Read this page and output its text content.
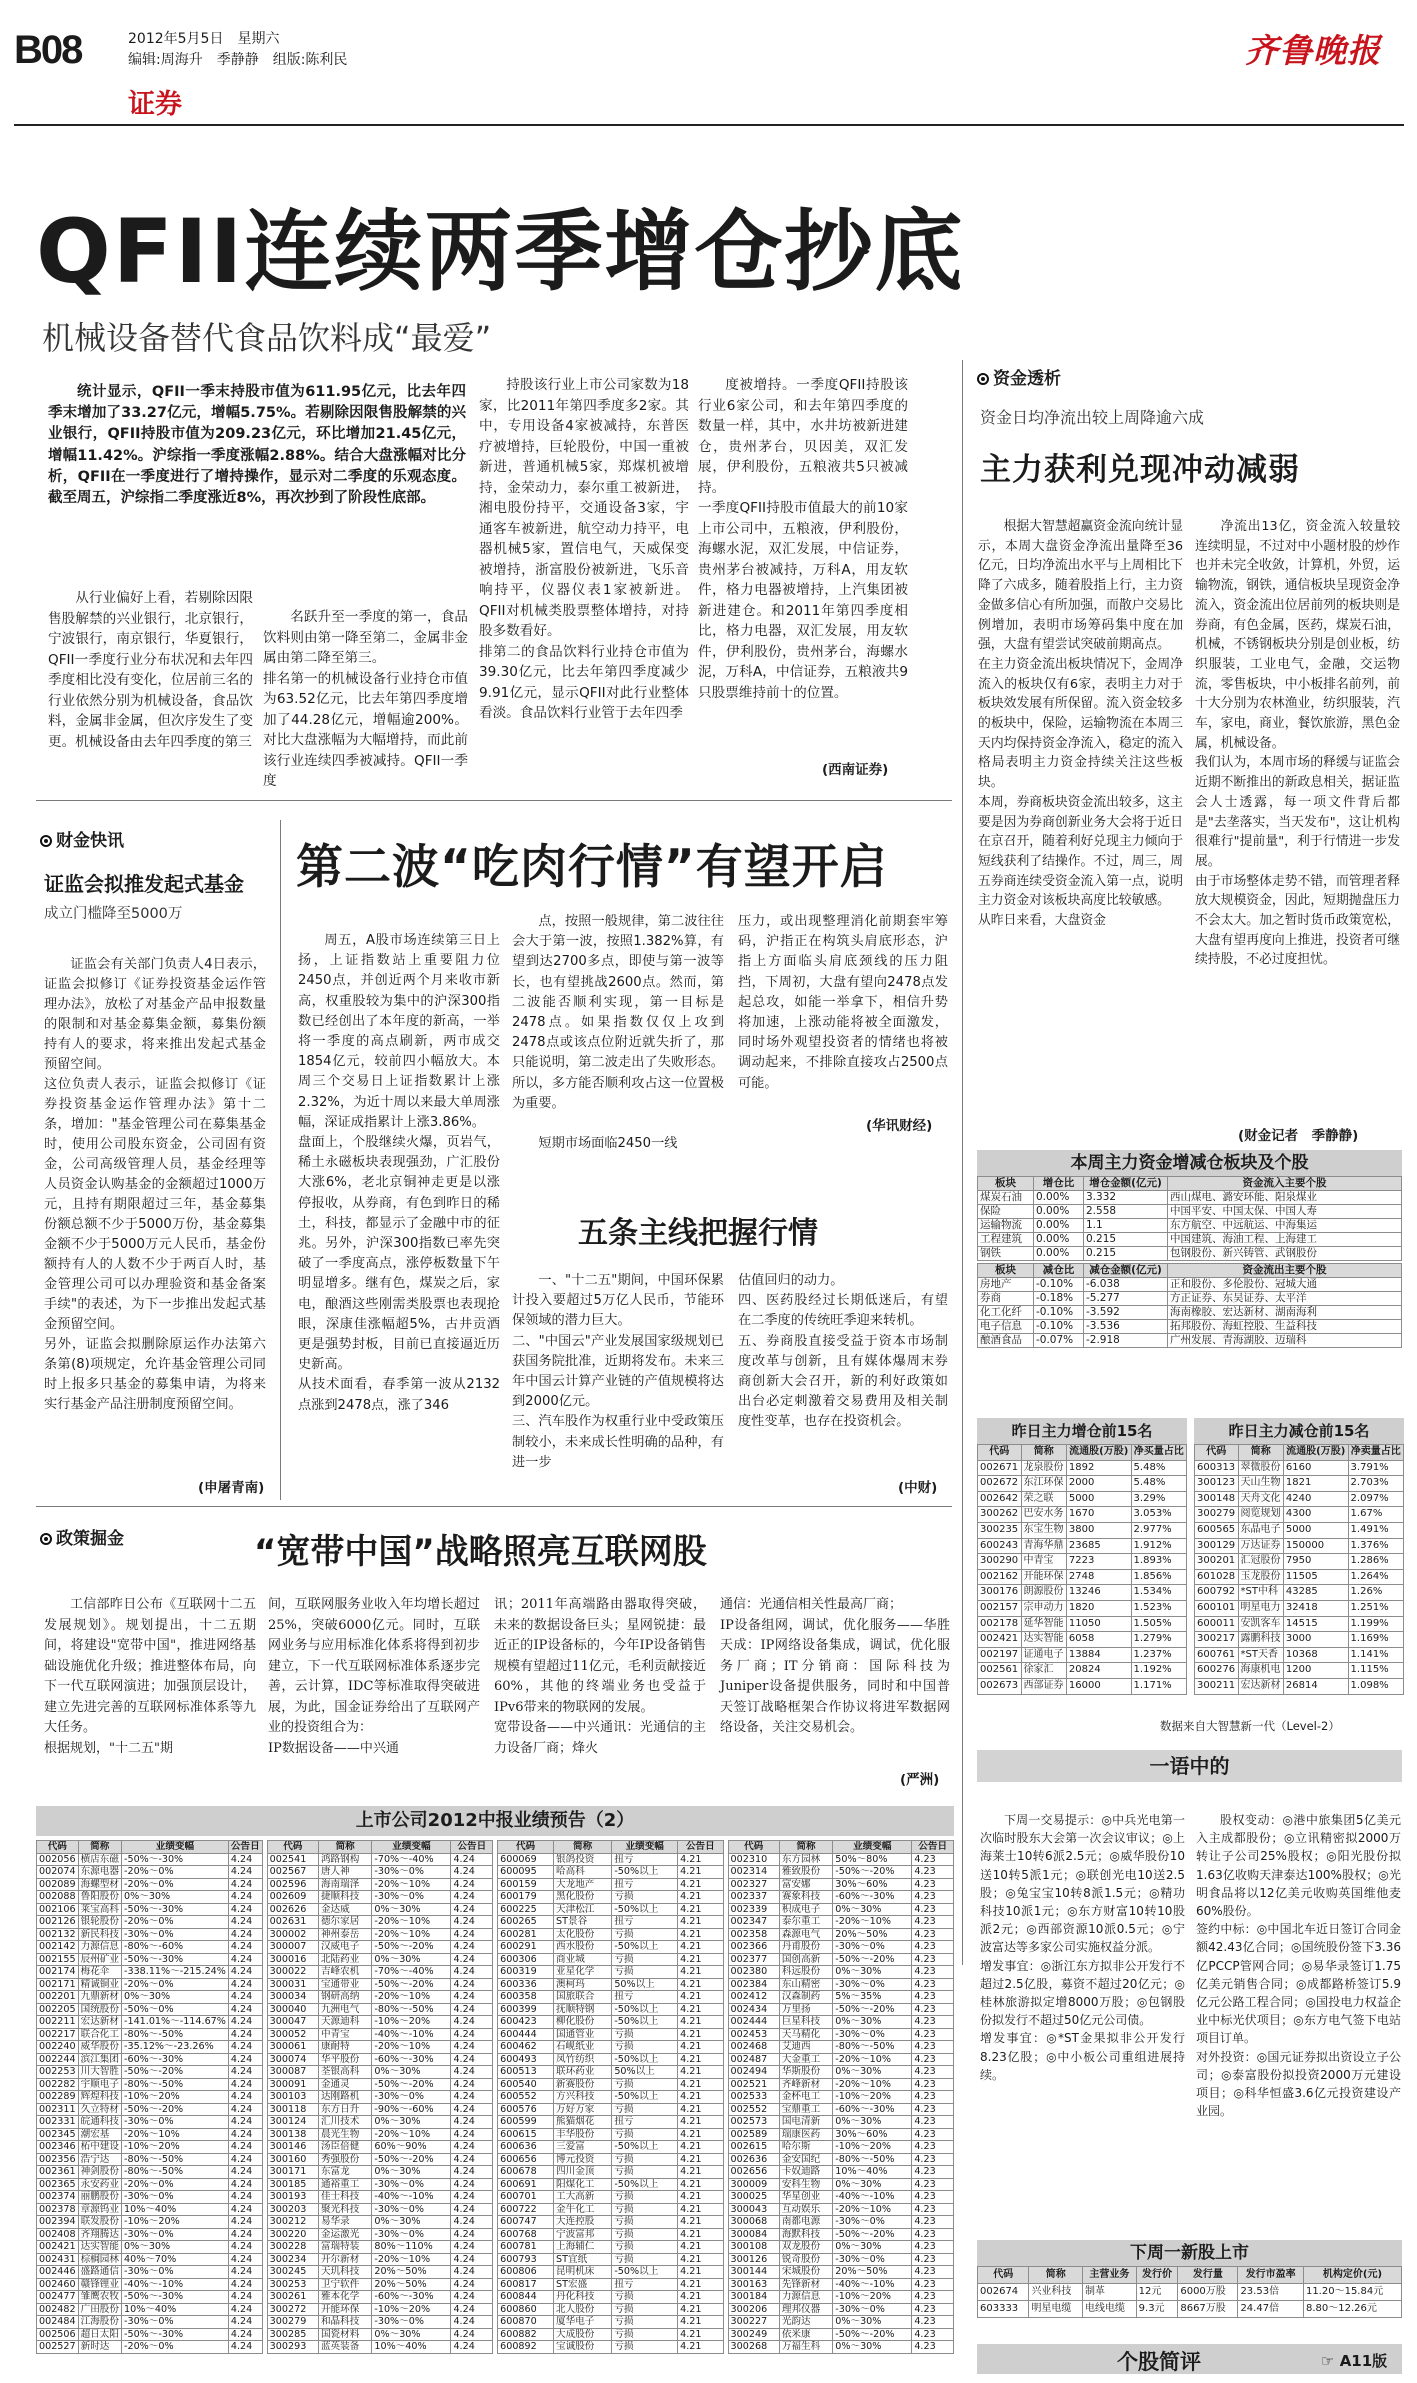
B08	2012年5月5日　星期六
编辑:周海升　季静静　组版:陈利民
证券
齐鲁晚报
QFII连续两季增仓抄底
机械设备替代食品饮料成“最爱”
统计显示，QFII一季末持股市值为611.95亿元，比去年四季末增加了33.27亿元，增幅5.75%。若剔除因限售股解禁的兴业银行，QFII持股市值为209.23亿元，环比增加21.45亿元，增幅11.42%。沪综指一季度涨幅2.88%。结合大盘涨幅对比分析，QFII在一季度进行了增持操作，显示对二季度的乐观态度。截至周五，沪综指二季度涨近8%，再次抄到了阶段性底部。

从行业偏好上看，若剔除因限售股解禁的兴业银行，北京银行，宁波银行，南京银行，华夏银行，QFII一季度行业分布状况和去年四季度相比没有变化，位居前三名的行业依然分别为机械设备，食品饮料，金属非金属，但次序发生了变更。机械设备由去年四季度的第三

名跃升至一季度的第一，食品饮料则由第一降至第二，金属非金属由第二降至第三。
排名第一的机械设备行业持仓市值为63.52亿元，比去年第四季度增加了44.28亿元，增幅逾200%。对比大盘涨幅为大幅增持，而此前该行业连续四季被减持。QFII一季度

持股该行业上市公司家数为18家，比2011年第四季度多2家。其中，专用设备4家被减持，东普医疗被增持，巨轮股份，中国一重被新进，普通机械5家，郑煤机被增持，金荣动力，泰尔重工被新进，湘电股份持平，交通设备3家，宇通客车被新进，航空动力持平，电器机械5家，置信电气，天威保变被增持，浙富股份被新进，飞乐音响持平，仪器仪表1家被新进。QFII对机械类股票整体增持，对持股多数看好。
排第二的食品饮料行业持仓市值为39.30亿元，比去年第四季度减少9.91亿元，显示QFII对此行业整体看淡。食品饮料行业管于去年四季

度被增持。一季度QFII持股该行业6家公司，和去年第四季度的数量一样，其中，水井坊被新进建仓，贵州茅台，贝因美，双汇发展，伊利股份，五粮液共5只被减持。
一季度QFII持股市值最大的前10家上市公司中，五粮液，伊利股份，海螺水泥，双汇发展，中信证券，贵州茅台被减持，万科A，用友软件，格力电器被增持，上汽集团被新进建仓。和2011年第四季度相比，格力电器，双汇发展，用友软件，伊利股份，贵州茅台，海螺水泥，万科A，中信证券，五粮液共9只股票维持前十的位置。

(西南证券)
资金透析
资金日均净流出较上周降逾六成
主力获利兑现冲动减弱

根据大智慧超赢资金流向统计显示，本周大盘资金净流出量降至36亿元，日均净流出水平与上周相比下降了六成多，随着股指上行，主力资金做多信心有所加强，而散户交易比例增加，表明市场筹码集中度在加强，大盘有望尝试突破前期高点。
在主力资金流出板块情况下，金周净流入的板块仅有6家，表明主力对于板块效发展有所保留。流入资金较多的板块中，保险，运输物流在本周三天内均保持资金净流入，稳定的流入格局表明主力资金持续关注这些板块。
本周，券商板块资金流出较多，这主要是因为券商创新业务大会将于近日在京召开，随着利好兑现主力倾向于短线获利了结操作。不过，周三，周五券商连续受资金流入第一点，说明主力资金对该板块高度比较敏感。
从昨日来看，大盘资金

净流出13亿，资金流入较量较连续明显，不过对中小题材股的炒作也并未完全收敛，计算机，外贸，运输物流，钢铁，通信板块呈现资金净流入，资金流出位居前列的板块则是券商，有色金属，医药，煤炭石油，机械，不锈钢板块分别是创业板，纺织服装，工业电气，金融，交运物流，零售板块，中小板排名前列，前十大分别为农林渔业，纺织服装，汽车，家电，商业，餐饮旅游，黑色金属，机械设备。
我们认为，本周市场的释缓与证监会近期不断推出的新政息相关，据证监会人士透露，每一项文件背后都是"去垄落实，当天发布"，这让机构很难行"提前量"，利于行情进一步发展。
由于市场整体走势不错，而管理者释放大规模资金，因此，短期抛盘压力不会太大。加之暂时货币政策宽松，大盘有望再度向上推进，投资者可继续持股，不必过度担忧。

(财金记者　季静静)
本周主力资金增减仓板块及个股
板块	增仓比	增仓金额(亿元)	资金流入主要个股
煤炭石油	0.00%	3.332	西山煤电、潞安环能、阳泉煤业
保险	0.00%	2.558	中国平安、中国太保、中国人寿
运输物流	0.00%	1.1	东方航空、中远航运、中海集运
工程建筑	0.00%	0.215	中国建筑、海油工程、上海建工
钢铁	0.00%	0.215	包钢股份、新兴铸管、武钢股份
板块	减仓比	减仓金额(亿元)	资金流出主要个股
房地产	-0.10%	-6.038	正和股份、多伦股份、冠城大通
券商	-0.18%	-5.277	方正证券、东吴证券、太平洋
化工化纤	-0.10%	-3.592	海南橡胶、宏达新材、湖南海利
电子信息	-0.10%	-3.536	拓邦股份、海虹控股、生益科技
酿酒食品	-0.07%	-2.918	广州发展、青海湖胶、迈瑞科
昨日主力增仓前15名
代码	简称	流通股(万股)	净买量占比
002671	龙泉股份	1892	5.48%
002672	东江环保	2000	5.48%
002642	荣之联	5000	3.29%
300262	巴安水务	1670	3.053%
300235	东宝生物	3800	2.977%
600243	青海华鼎	23685	1.912%
300290	中青宝	7223	1.893%
002162	开能环保	2748	1.856%
300176	朗源股份	13246	1.534%
002157	宗申动力	1820	1.523%
002178	延华智能	11050	1.505%
002421	达实智能	6058	1.279%
002197	证通电子	13884	1.237%
002561	徐家汇	20824	1.192%
002673	西部证券	16000	1.171%
昨日主力减仓前15名
代码	简称	流通股(万股)	净卖量占比
600313	翠微股份	6160	3.791%
300123	天山生物	1821	2.703%
300148	天舟文化	4240	2.097%
300279	阅览规划	4300	1.67%
600565	东晶电子	5000	1.491%
300129	万达证券	150000	1.376%
300201	汇冠股份	7950	1.286%
601028	玉龙股份	11505	1.264%
600792	*ST中科	43285	1.26%
600101	明星电力	32418	1.251%
600011	安凯客车	14515	1.199%
300217	露鹏科技	3000	1.169%
600761	*ST天香	10368	1.141%
600276	海康机电	1200	1.115%
300211	宏达新材	26814	1.098%
数据来自大智慧新一代（Level-2）
财金快讯
证监会拟推发起式基金
成立门槛降至5000万

证监会有关部门负责人4日表示，证监会拟修订《证券投资基金运作管理办法》，放松了对基金产品申报数量的限制和对基金募集金额，募集份额持有人的要求，将来推出发起式基金预留空间。
这位负责人表示，证监会拟修订《证券投资基金运作管理办法》第十二条，增加："基金管理公司在募集基金时，使用公司股东资金，公司固有资金，公司高级管理人员，基金经理等人员资金认购基金的金额超过1000万元，且持有期限超过三年，基金募集份额总额不少于5000万份，基金募集金额不少于5000万元人民币，基金份额持有人的人数不少于两百人时，基金管理公司可以办理验资和基金备案手续"的表述，为下一步推出发起式基金预留空间。
另外，证监会拟删除原运作办法第六条第(8)项规定，允许基金管理公司同时上报多只基金的募集申请，为将来实行基金产品注册制度预留空间。

(申屠青南)
第二波“吃肉行情”有望开启

周五，A股市场连续第三日上扬，上证指数站上重要阻力位2450点，并创近两个月来收市新高，权重股较为集中的沪深300指数已经创出了本年度的新高，一举将一季度的高点刷新，两市成交1854亿元，较前四小幅放大。本周三个交易日上证指数累计上涨2.32%，为近十周以来最大单周涨幅，深证成指累计上涨3.86%。
盘面上，个股继续火爆，页岩气，稀土永磁板块表现强劲，广汇股份大涨6%，老北京铜神走更是以涨停报收，从券商，有色到昨日的稀土，科技，都显示了金融中市的征兆。另外，沪深300指数已率先突破了一季度高点，涨停板数量下午明显增多。继有色，煤炭之后，家电，酿酒这些刚需类股票也表现抢眼，深康佳涨幅超5%，古井贡酒更是强势封板，目前已直接逼近历史新高。
从技术面看，春季第一波从2132点涨到2478点，涨了346

点，按照一般规律，第二波往往会大于第一波，按照1.382%算，有望到达2700多点，即使与第一波等长，也有望挑战2600点。然而，第二波能否顺利实现，第一目标是2478点。如果指数仅仅上攻到2478点或该点位附近就失折了，那只能说明，第二波走出了失败形态。所以，多方能否顺利攻占这一位置极为重要。

短期市场面临2450一线

压力，或出现整理消化前期套牢筹码，沪指正在构筑头肩底形态，沪指上方面临头肩底颈线的压力阻挡，下周初，大盘有望向2478点发起总攻，如能一举拿下，相信升势将加速，上涨动能将被全面激发，同时场外观望投资者的情绪也将被调动起来，不排除直接攻占2500点可能。

(华讯财经)
五条主线把握行情

一、"十二五"期间，中国环保累计投入要超过5万亿人民币，节能环保领域的潜力巨大。
二、"中国云"产业发展国家级规划已获国务院批准，近期将发布。未来三年中国云计算产业链的产值规模将达到2000亿元。
三、汽车股作为权重行业中受政策压制较小，未来成长性明确的品种，有进一步

估值回归的动力。
四、医药股经过长期低迷后，有望在二季度的传统旺季迎来转机。
五、券商股直接受益于资本市场制度改革与创新，且有媒体爆周末券商创新大会召开，新的利好政策如出台必定刺激着交易费用及相关制度性变革，也存在投资机会。

(中财)
政策掘金	“宽带中国”战略照亮互联网股

工信部昨日公布《互联网十二五发展规划》。规划提出，十二五期间，将建设"宽带中国"，推进网络基础设施优化升级；推进整体布局，向下一代互联网演进；加强顶层设计，建立先进完善的互联网标准体系等九大任务。
根据规划，"十二五"期

间，互联网服务业收入年均增长超过25%，突破6000亿元。同时，互联网业务与应用标准化体系将得到初步建立，下一代互联网标准体系逐步完善，云计算，IDC等标准取得突破进展，为此，国金证券给出了互联网产业的投资组合为：
IP数据设备——中兴通

讯；2011年高端路由器取得突破，未来的数据设备巨头；星网锐捷：最近正的IP设备标的，今年IP设备销售规模有望超过11亿元，毛利贡献接近60%，其他的终端业务也受益于IPv6带来的物联网的发展。
宽带设备——中兴通讯：光通信的主力设备厂商；烽火

通信：光通信相关性最高厂商；
IP设备组网，调试，优化服务——华胜天成：IP网络设备集成，调试，优化服务厂商；IT分销商：国际科技为Juniper设备提供服务，同时和中国普天签订战略框架合作协议将进军数据网络设备，关注交易机会。

(严洲)
上市公司2012中报业绩预告（2）
代码	简称	业绩变幅	公告日
002056	横店东磁	-50%～-30%	4.24
002074	东源电器	-20%～0%	4.24
002089	海螺型材	-20%～0%	4.24
002088	鲁阳股份	0%～30%	4.24
002106	莱宝高科	-50%～-30%	4.24
002126	银轮股份	-20%～0%	4.24
002132	新民科技	-30%～0%	4.24
002142	力源信息	-80%～-60%	4.24
002155	辰州矿业	-50%～-30%	4.24
002174	梅花伞	-338.11%～-215.24%	4.24
002171	精诚铜业	-20%～0%	4.24
002201	九鼎新材	0%～30%	4.24
002205	国统股份	-50%～0%	4.24
002211	宏达新材	-141.01%～-114.67%	4.24
002217	联合化工	-80%～-50%	4.24
002240	威华股份	-35.12%～-23.26%	4.24
002244	滨江集团	-60%～-30%	4.24
002253	川大智胜	-50%～-20%	4.24
002282	宇顺电子	-80%～-50%	4.24
002289	辉煌科技	-10%～20%	4.24
002311	久立特材	-50%～-20%	4.24
002331	皖通科技	-30%～0%	4.24
002345	潮宏基	-20%～10%	4.24
002346	柘中建设	-10%～20%	4.24
002356	浩宁达	-80%～-50%	4.24
002361	神剑股份	-80%～-50%	4.24
002365	永安药业	-20%～0%	4.24
002374	丽鹏股份	-30%～0%	4.24
002378	章源钨业	10%～40%	4.24
002394	联发股份	-10%～20%	4.24
002408	齐翔腾达	-30%～0%	4.24
002421	达实智能	0%～30%	4.24
002431	棕榈园林	40%～70%	4.24
002446	盛路通信	-30%～0%	4.24
002460	赣锋锂业	-40%～-10%	4.24
002477	雏鹰农牧	-50%～-30%	4.24
002482	广田股份	10%～40%	4.24
002484	江海股份	-30%～0%	4.24
002506	超日太阳	-50%～-30%	4.24
002527	新时达	-20%～0%	4.24
代码	简称	业绩变幅	公告日
002541	鸿路钢构	-70%～-40%	4.24
002567	唐人神	-30%～0%	4.24
002596	海南瑞泽	-20%～10%	4.24
002609	捷顺科技	-30%～0%	4.24
002626	金达威	0%～30%	4.24
002631	德尔家居	-20%～10%	4.24
300002	神州泰岳	-20%～10%	4.24
300007	汉威电子	-50%～-20%	4.24
300016	北陆药业	0%～30%	4.24
300022	吉峰农机	-70%～-40%	4.24
300031	宝通带业	-50%～-20%	4.24
300034	钢研高纳	-20%～10%	4.24
300040	九洲电气	-80%～-50%	4.24
300047	天源迪科	-10%～20%	4.24
300052	中青宝	-40%～-10%	4.24
300061	康耐特	-20%～10%	4.24
300074	华平股份	-60%～-30%	4.24
300087	荃银高科	0%～30%	4.24
300091	金通灵	-50%～-20%	4.24
300103	达刚路机	-30%～0%	4.24
300118	东方日升	-90%～-60%	4.24
300124	汇川技术	0%～30%	4.24
300138	晨光生物	-20%～10%	4.24
300146	汤臣倍健	60%～90%	4.24
300160	秀强股份	-50%～-20%	4.24
300171	东富龙	0%～30%	4.24
300185	通裕重工	-30%～0%	4.24
300193	佳士科技	-40%～-10%	4.24
300203	聚光科技	-30%～0%	4.24
300212	易华录	0%～30%	4.24
300220	金运激光	-30%～0%	4.24
300228	富瑞特装	80%～110%	4.24
300234	开尔新材	-20%～10%	4.24
300245	天玑科技	20%～50%	4.24
300253	卫宁软件	20%～50%	4.24
300261	雅本化学	-60%～-30%	4.24
300272	开能环保	-10%～20%	4.24
300279	和晶科技	-30%～0%	4.24
300285	国瓷材料	0%～30%	4.24
300293	蓝英装备	10%～40%	4.24
代码	简称	业绩变幅	公告日
600069	银鸽投资	扭亏	4.21
600095	哈高科	-50%以上	4.21
600159	大龙地产	扭亏	4.21
600179	黑化股份	亏损	4.21
600225	天津松江	-50%以上	4.21
600265	ST景谷	扭亏	4.21
600281	太化股份	亏损	4.21
600291	西水股份	-50%以上	4.21
600306	商业城	亏损	4.21
600319	亚星化学	亏损	4.21
600336	澳柯玛	50%以上	4.21
600358	国旅联合	扭亏	4.21
600399	抚顺特钢	-50%以上	4.21
600423	柳化股份	-50%以上	4.21
600444	国通管业	亏损	4.21
600462	石岘纸业	亏损	4.21
600493	凤竹纺织	-50%以上	4.21
600513	联环药业	50%以上	4.21
600540	新赛股份	亏损	4.21
600552	方兴科技	-50%以上	4.21
600576	万好万家	亏损	4.21
600599	熊猫烟花	扭亏	4.21
600615	丰华股份	亏损	4.21
600636	三爱富	-50%以上	4.21
600656	博元投资	亏损	4.21
600678	四川金顶	亏损	4.21
600691	阳煤化工	-50%以上	4.21
600701	工大高新	亏损	4.21
600722	金牛化工	亏损	4.21
600747	大连控股	亏损	4.21
600768	宁波富邦	亏损	4.21
600781	上海辅仁	亏损	4.21
600793	ST宜纸	亏损	4.21
600806	昆明机床	-50%以上	4.21
600817	ST宏盛	扭亏	4.21
600844	丹化科技	亏损	4.21
600860	北人股份	亏损	4.21
600870	厦华电子	亏损	4.21
600882	大成股份	亏损	4.21
600892	宝诚股份	亏损	4.21
代码	简称	业绩变幅	公告日
002310	东方园林	50%～80%	4.23
002314	雅致股份	-50%～-20%	4.23
002327	富安娜	30%～60%	4.23
002337	赛象科技	-60%～-30%	4.23
002339	积成电子	0%～30%	4.23
002347	泰尔重工	-20%～10%	4.23
002358	森源电气	20%～50%	4.23
002366	丹甫股份	-30%～0%	4.23
002377	国创高新	-50%～-20%	4.23
002380	科远股份	0%～30%	4.23
002384	东山精密	-30%～0%	4.23
002412	汉森制药	5%～35%	4.23
002434	万里扬	-50%～-20%	4.23
002444	巨星科技	0%～30%	4.23
002453	天马精化	-30%～0%	4.23
002468	艾迪西	-80%～-50%	4.23
002487	大金重工	-20%～10%	4.23
002494	华斯股份	0%～30%	4.23
002521	齐峰新材	-20%～10%	4.23
002533	金杯电工	-10%～20%	4.23
002552	宝鼎重工	-60%～-30%	4.23
002573	国电清新	0%～30%	4.23
002589	瑞康医药	30%～60%	4.23
002615	哈尔斯	-10%～20%	4.23
002636	金安国纪	-80%～-50%	4.23
002656	卡奴迪路	10%～40%	4.23
300009	安科生物	0%～30%	4.23
300025	华星创业	-40%～-10%	4.23
300043	互动娱乐	-20%～10%	4.23
300068	南都电源	-30%～0%	4.23
300084	海默科技	-50%～-20%	4.23
300108	双龙股份	0%～30%	4.23
300126	锐奇股份	-30%～0%	4.23
300144	宋城股份	20%～50%	4.23
300163	先锋新材	-40%～-10%	4.23
300184	力源信息	-10%～20%	4.23
300206	理邦仪器	-30%～0%	4.23
300227	光韵达	0%～30%	4.23
300249	依米康	-50%～-20%	4.23
300268	万福生科	0%～30%	4.23
一语中的

下周一交易提示：◎中兵光电第一次临时股东大会第一次会议审议；◎上海莱士10转6派2.5元；◎威华股份10送10转5派1元；◎联创光电10送2.5股；◎兔宝宝10转8派1.5元；◎精功科技10派1元；◎东方财富10转10股派2元；◎西部资源10派0.5元；◎宁波富达等多家公司实施权益分派。
增发事宜：◎浙江东方拟非公开发行不超过2.5亿股，募资不超过20亿元；◎桂林旅游拟定增8000万股；◎包钢股份拟发行不超过50亿元公司债。
增发事宜：◎*ST金果拟非公开发行8.23亿股；◎中小板公司重组进展持续。

股权变动：◎港中旅集团5亿美元入主成都股份；◎立讯精密拟2000万转让子公司25%股权；◎阳光股份拟1.63亿收购天津泰达100%股权；◎光明食品将以12亿美元收购英国维他麦60%股份。
签约中标：◎中国北车近日签订合同金额42.43亿合同；◎国统股份签下3.36亿PCCP管网合同；◎易华录签订1.75亿美元销售合同；◎成都路桥签订5.9亿元公路工程合同；◎国投电力权益企业中标光伏项目；◎东方电气签下电站项目订单。
对外投资：◎国元证券拟出资设立子公司；◎泰富股份拟投资2000万元建设项目；◎科华恒盛3.6亿元投资建设产业园。

下周一新股上市
代码	简称	主营业务	发行价	发行量	发行市盈率	机构定价(元)
002674	兴业科技	制革	12元	6000万股	23.53倍	11.20～15.84元
603333	明星电缆	电线电缆	9.3元	8667万股	24.47倍	8.80～12.26元
个股简评	☞ A11版
